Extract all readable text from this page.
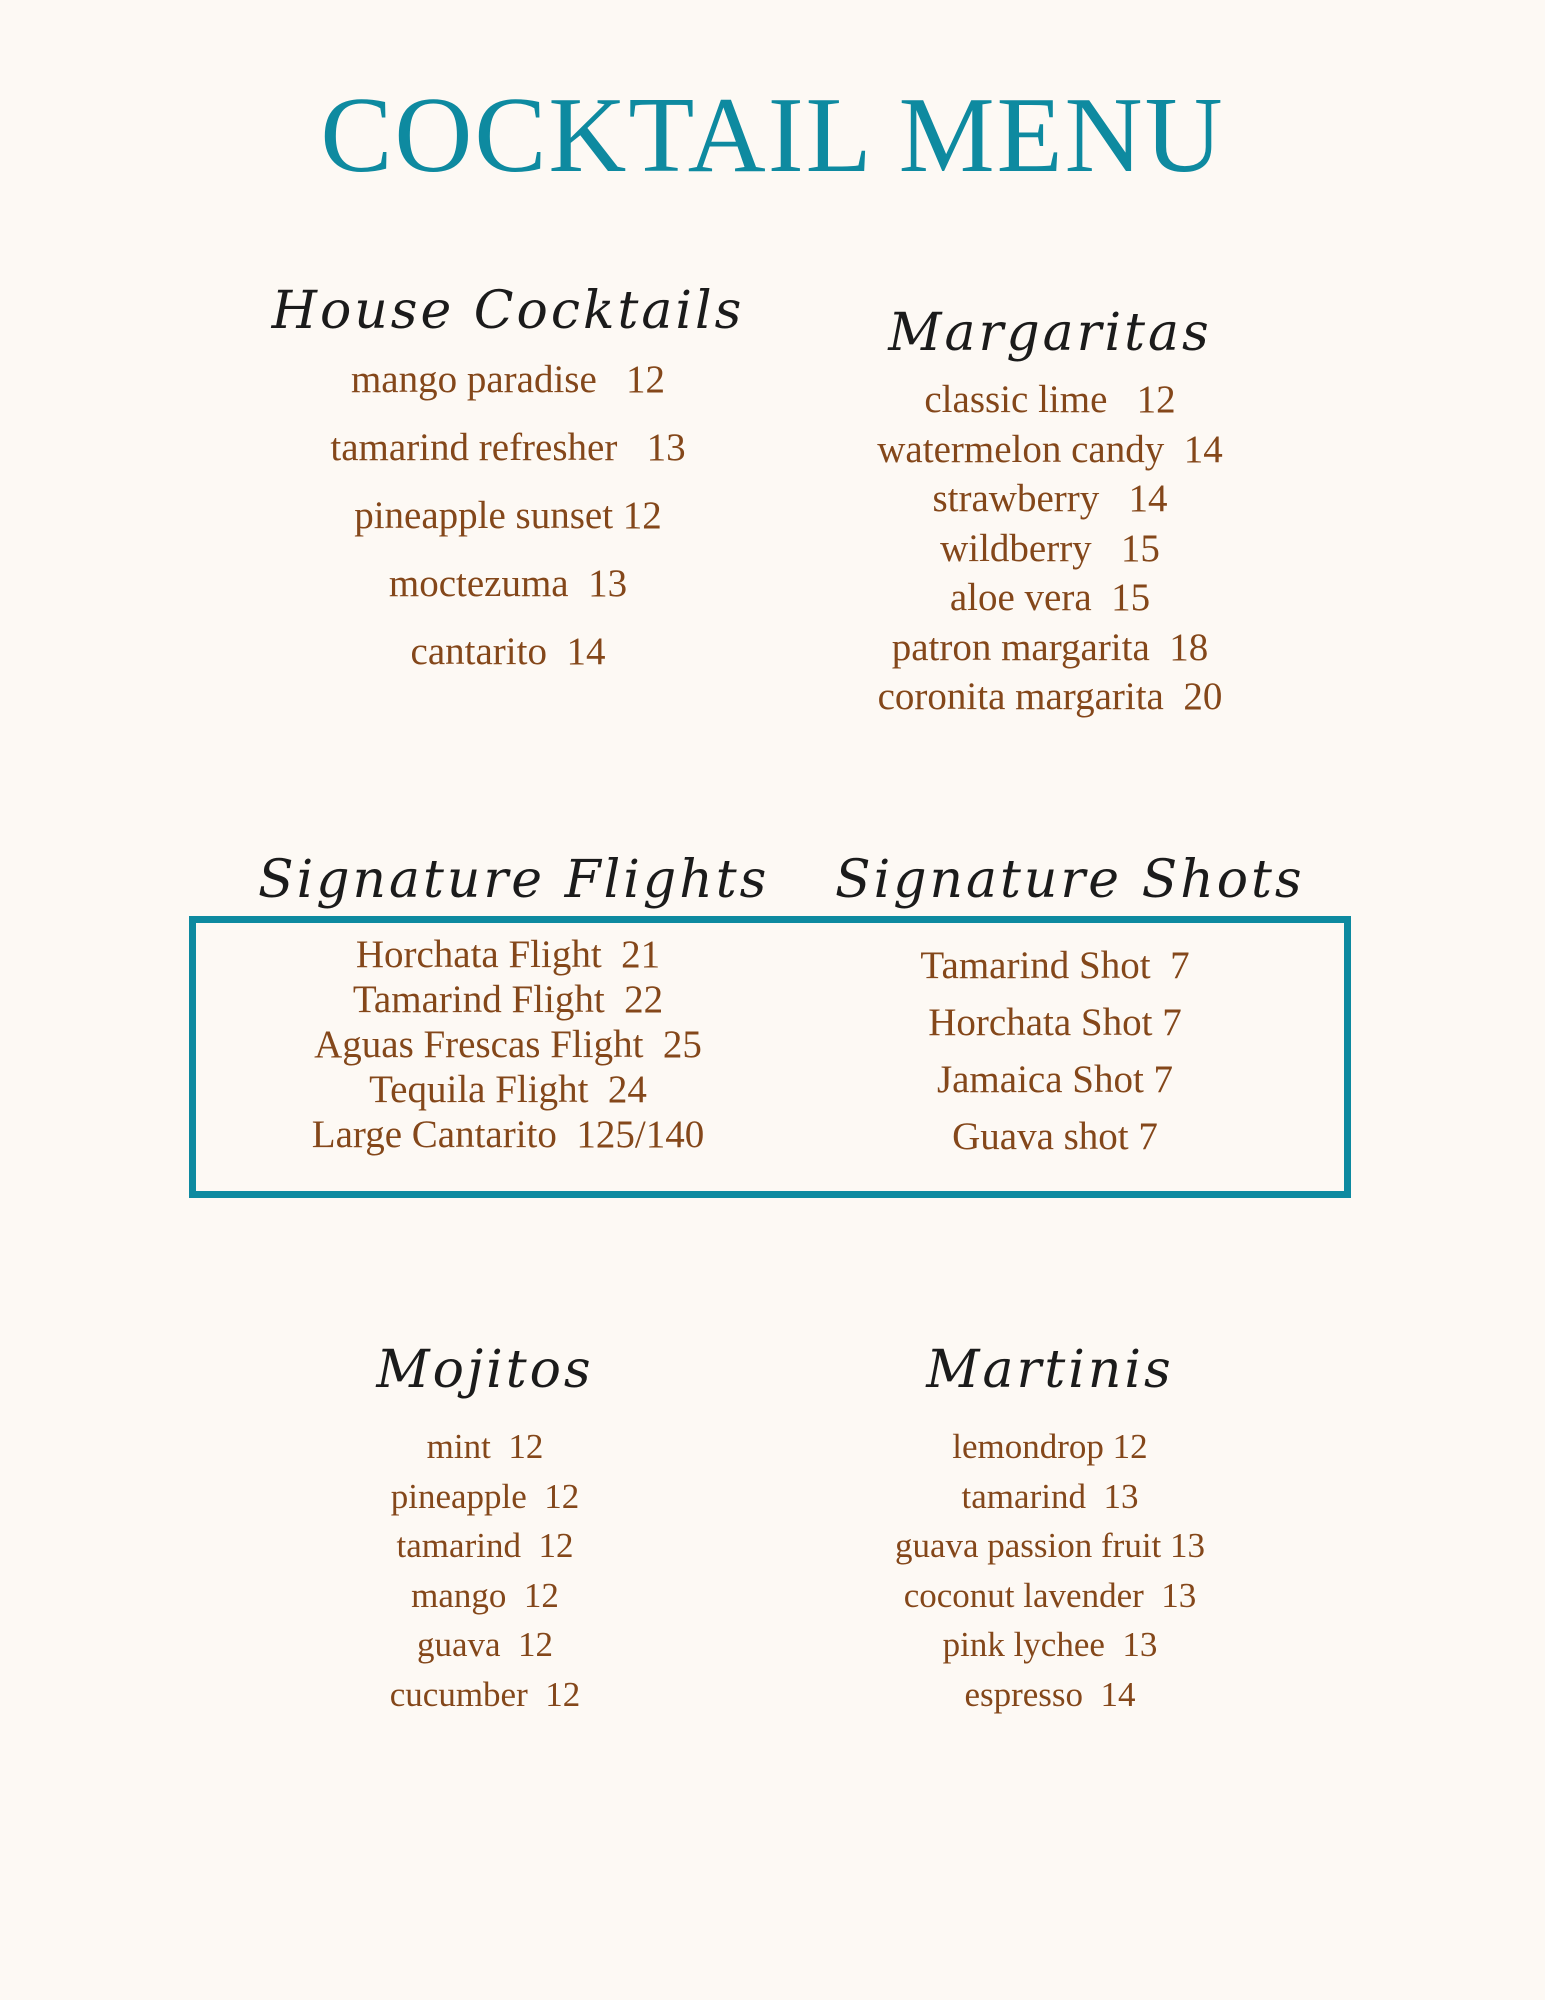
COCKTAIL MENU
House Cocktails
mango paradise   12
tamarind refresher   13
pineapple sunset 12
moctezuma  13
cantarito  14
Margaritas
classic lime   12
watermelon candy  14
strawberry   14
wildberry   15
aloe vera  15
patron margarita  18
coronita margarita  20
Signature Flights
Horchata Flight  21
Tamarind Flight  22
Aguas Frescas Flight  25
Tequila Flight  24
Large Cantarito  125/140
Signature Shots
Tamarind Shot  7
Horchata Shot 7
Jamaica Shot 7
Guava shot 7
Mojitos
mint  12
pineapple  12
tamarind  12
mango  12
guava  12
cucumber  12
Martinis
lemondrop 12
tamarind  13
guava passion fruit 13
coconut lavender  13
pink lychee  13
espresso  14
